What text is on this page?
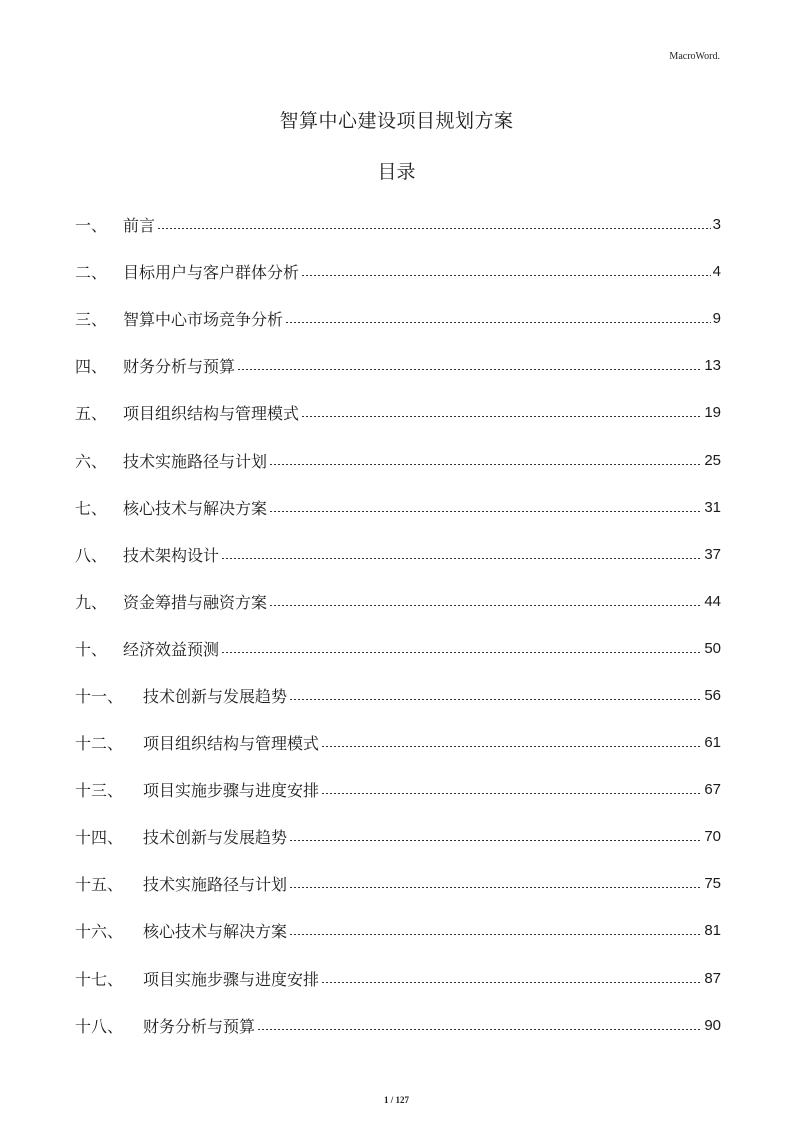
MacroWord.
智算中心建设项目规划方案
目录
一、 前言	3
二、 目标用户与客户群体分析	4
三、 智算中心市场竞争分析	9
四、 财务分析与预算	13
五、 项目组织结构与管理模式	19
六、 技术实施路径与计划	25
七、 核心技术与解决方案	31
八、 技术架构设计	37
九、 资金筹措与融资方案	44
十、 经济效益预测	50
十一、	技术创新与发展趋势	56
十二、	项目组织结构与管理模式	61
十三、	项目实施步骤与进度安排	67
十四、	技术创新与发展趋势	70
十五、	技术实施路径与计划	75
十六、	核心技术与解决方案	81
十七、	项目实施步骤与进度安排	87
十八、	财务分析与预算	90
1 / 127
